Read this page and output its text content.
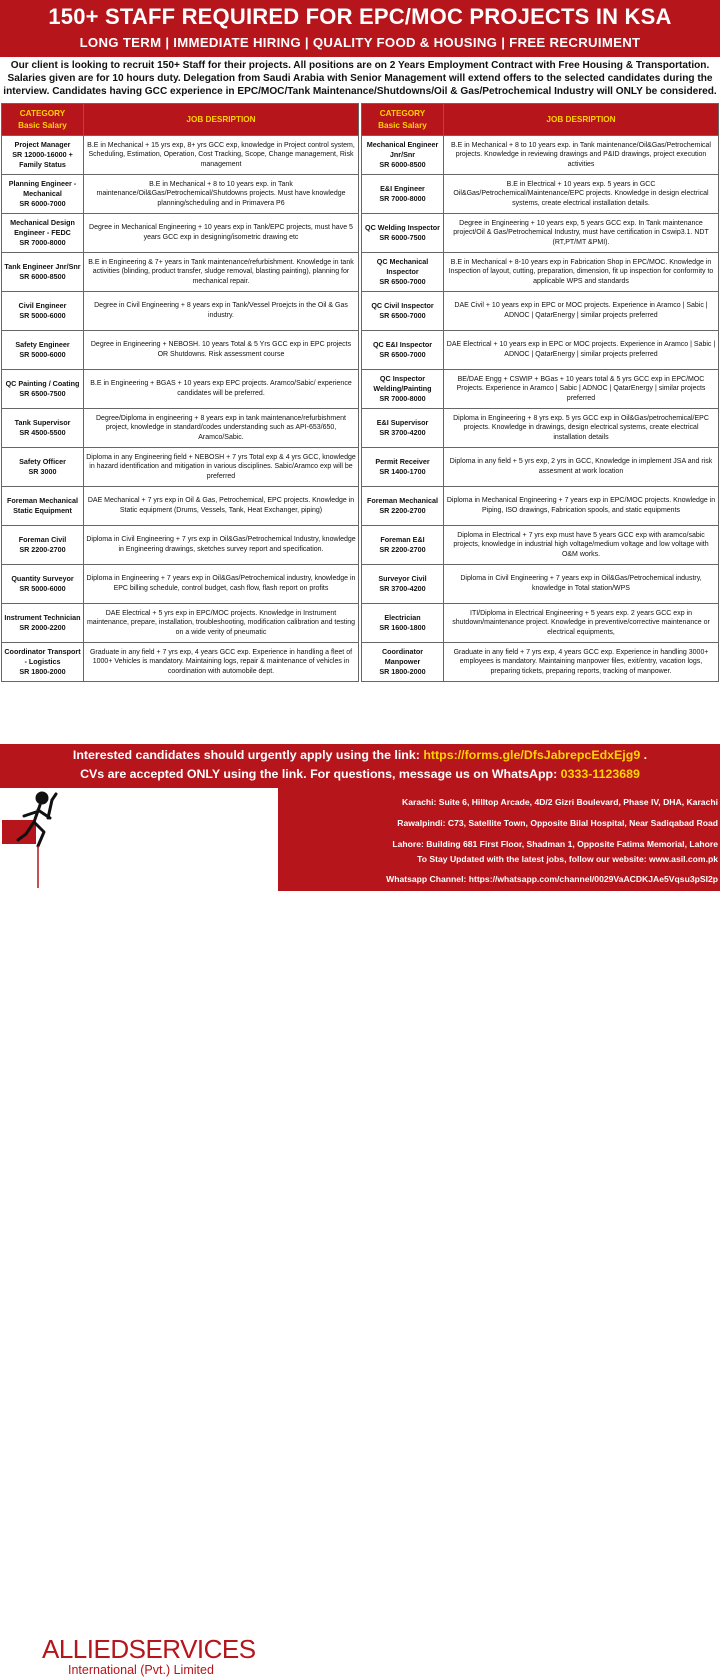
150+ STAFF REQUIRED FOR EPC/MOC PROJECTS IN KSA
LONG TERM | IMMEDIATE HIRING | QUALITY FOOD & HOUSING | FREE RECRUIMENT
Our client is looking to recruit 150+ Staff for their projects. All positions are on 2 Years Employment Contract with Free Housing & Transportation. Salaries given are for 10 hours duty. Delegation from Saudi Arabia with Senior Management will extend offers to the selected candidates during the interview. Candidates having GCC experience in EPC/MOC/Tank Maintenance/Shutdowns/Oil & Gas/Petrochemical Industry will ONLY be considered.
CATEGORY
Basic Salary	JOB DESRIPTION
Project Manager
SR 12000-16000 + Family Status	B.E in Mechanical + 15 yrs exp, 8+ yrs GCC exp, knowledge in Project control system, Scheduling, Estimation, Operation, Cost Tracking, Scope, Change management, Risk management
Planning Engineer - Mechanical
SR 6000-7000	B.E in Mechanical + 8 to 10 years exp. in Tank maintenance/Oil&Gas/Petrochemical/Shutdowns projects. Must have knowledge planning/scheduling and in Primavera P6
Mechanical Design Engineer - FEDC
SR 7000-8000	Degree in Mechanical Engineering + 10 years exp in Tank/EPC projects, must have 5 years GCC exp in designing/isometric drawing etc
Tank Engineer Jnr/Snr
SR 6000-8500	B.E in Engineering & 7+ years in Tank maintenance/refurbishment. Knowledge in tank activities (blinding, product transfer, sludge removal, blasting painting), planning for mechanical repair.
Civil Engineer
SR 5000-6000	Degree in Civil Engineering + 8 years exp in Tank/Vessel Proejcts in the Oil & Gas industry.
Safety Engineer
SR 5000-6000	Degree in Engineering + NEBOSH. 10 years Total & 5 Yrs GCC exp in EPC projects OR Shutdowns. Risk assessment course
QC Painting / Coating
SR 6500-7500	B.E in Engineering + BGAS + 10 years exp EPC projects. Aramco/Sabic/ experience candidates will be preferred.
Tank Supervisor
SR 4500-5500	Degree/Diploma in engineering + 8 years exp in tank maintenance/refurbishment project, knowledge in standard/codes understanding such as API-653/650, Aramco/Sabic.
Safety Officer
SR 3000	Diploma in any Engineering field + NEBOSH + 7 yrs Total exp & 4 yrs GCC, knowledge in hazard identification and mitigation in various disciplines. Sabic/Aramco exp will be preferred
Foreman Mechanical Static Equipment	DAE Mechanical + 7 yrs exp in Oil & Gas, Petrochemical, EPC projects. Knowledge in Static equipment (Drums, Vessels, Tank, Heat Exchanger, piping)
Foreman Civil
SR 2200-2700	Diploma in Civil Engineering + 7 yrs exp in Oil&Gas/Petrochemical Industry, knowledge in Engineering drawings, sketches survey report and specification.
Quantity Surveyor
SR 5000-6000	Diploma in Engineering + 7 years exp in Oil&Gas/Petrochemical industry, knowledge in EPC billing schedule, control budget, cash flow, flash report on profits
Instrument Technician
SR 2000-2200	DAE Electrical + 5 yrs exp in EPC/MOC projects. Knowledge in Instrument maintenance, prepare, installation, troubleshooting, modification calibration and testing on a wide verity of pneumatic
Coordinator Transport - Logistics
SR 1800-2000	Graduate in any field + 7 yrs exp, 4 years GCC exp. Experience in handling a fleet of 1000+ Vehicles is mandatory. Maintaining logs, repair & maintenance of vehicles in coordination with automobile dept.
CATEGORY
Basic Salary	JOB DESRIPTION
Mechanical Engineer Jnr/Snr
SR 6000-8500	B.E in Mechanical + 8 to 10 years exp. in Tank maintenance/Oil&Gas/Petrochemical projects. Knowledge in reviewing drawings and P&ID drawings, project execution activities
E&I Engineer
SR 7000-8000	B.E in Electrical + 10 years exp. 5 years in GCC Oil&Gas/Petrochemical/Maintenance/EPC projects. Knowledge in design electrical systems, create electrical installation details.
QC Welding Inspector
SR 6000-7500	Degree in Engineering + 10 years exp, 5 years GCC exp. In Tank maintenance project/Oil & Gas/Petrochemical Industry, must have certification in Cswip3.1. NDT (RT,PT/MT &PMI).
QC Mechanical Inspector
SR 6500-7000	B.E in Mechanical + 8-10 years exp in Fabrication Shop in EPC/MOC. Knowledge in Inspection of layout, cutting, preparation, dimension, fit up inspection for conformity to applicable WPS and standards
QC Civil Inspector
SR 6500-7000	DAE Civil + 10 years exp in EPC or MOC projects. Experience in Aramco | Sabic | ADNOC | QatarEnergy | similar projects preferred
QC E&I Inspector
SR 6500-7000	DAE Electrical + 10 years exp in EPC or MOC projects. Experience in Aramco | Sabic | ADNOC | QatarEnergy | similar projects preferred
QC Inspector Welding/Painting
SR 7000-8000	BE/DAE Engg + CSWIP + BGas + 10 years total & 5 yrs GCC exp in EPC/MOC Projects. Experience in Aramco | Sabic | ADNOC | QatarEnergy | similar projects preferred
E&I Supervisor
SR 3700-4200	Diploma in Engineering + 8 yrs exp. 5 yrs GCC exp in Oil&Gas/petrochemical/EPC projects. Knowledge in drawings, design electrical systems, create electrical installation details
Permit Receiver
SR 1400-1700	Diploma in any field + 5 yrs exp, 2 yrs in GCC, Knowledge in implement JSA and risk assesment at work location
Foreman Mechanical
SR 2200-2700	Diploma in Mechanical Engineering + 7 years exp in EPC/MOC projects. Knowledge in Piping, ISO drawings, Fabrication spools, and static equipments
Foreman E&I
SR 2200-2700	Diploma in Electrical + 7 yrs exp must have 5 years GCC exp with aramco/sabic projects, knowledge in industrial high voltage/medium voltage and low voltage with O&M works.
Surveyor Civil
SR 3700-4200	Diploma in Civil Engineering + 7 years exp in Oil&Gas/Petrochemical industry, knowledge in Total station/WPS
Electrician
SR 1600-1800	ITI/Diploma in Electrical Engineering + 5 years exp. 2 years GCC exp in shutdown/maintenance project. Knowledge in preventive/corrective maintenance or electrical equipments,
Coordinator Manpower
SR 1800-2000	Graduate in any field + 7 yrs exp, 4 years GCC exp. Experience in handling 3000+ employees is mandatory. Maintaining manpower files, exit/entry, vacation logs, preparing tickets, preparing reports, tracking of manpower.
Interested candidates should urgently apply using the link: https://forms.gle/DfsJabrepcEdxEjg9 .
CVs are accepted ONLY using the link. For questions, message us on WhatsApp: 0333-1123689
asil
ALLIEDSERVICES
International (Pvt.) Limited
Karachi: Suite 6, Hilltop Arcade, 4D/2 Gizri Boulevard, Phase IV, DHA, Karachi
Rawalpindi: C73, Satellite Town, Opposite Bilal Hospital, Near Sadiqabad Road
Lahore: Building 681 First Floor, Shadman 1, Opposite Fatima Memorial, Lahore
To Stay Updated with the latest jobs, follow our website: www.asil.com.pk
Whatsapp Channel: https://whatsapp.com/channel/0029VaACDKJAe5Vqsu3pSI2p
